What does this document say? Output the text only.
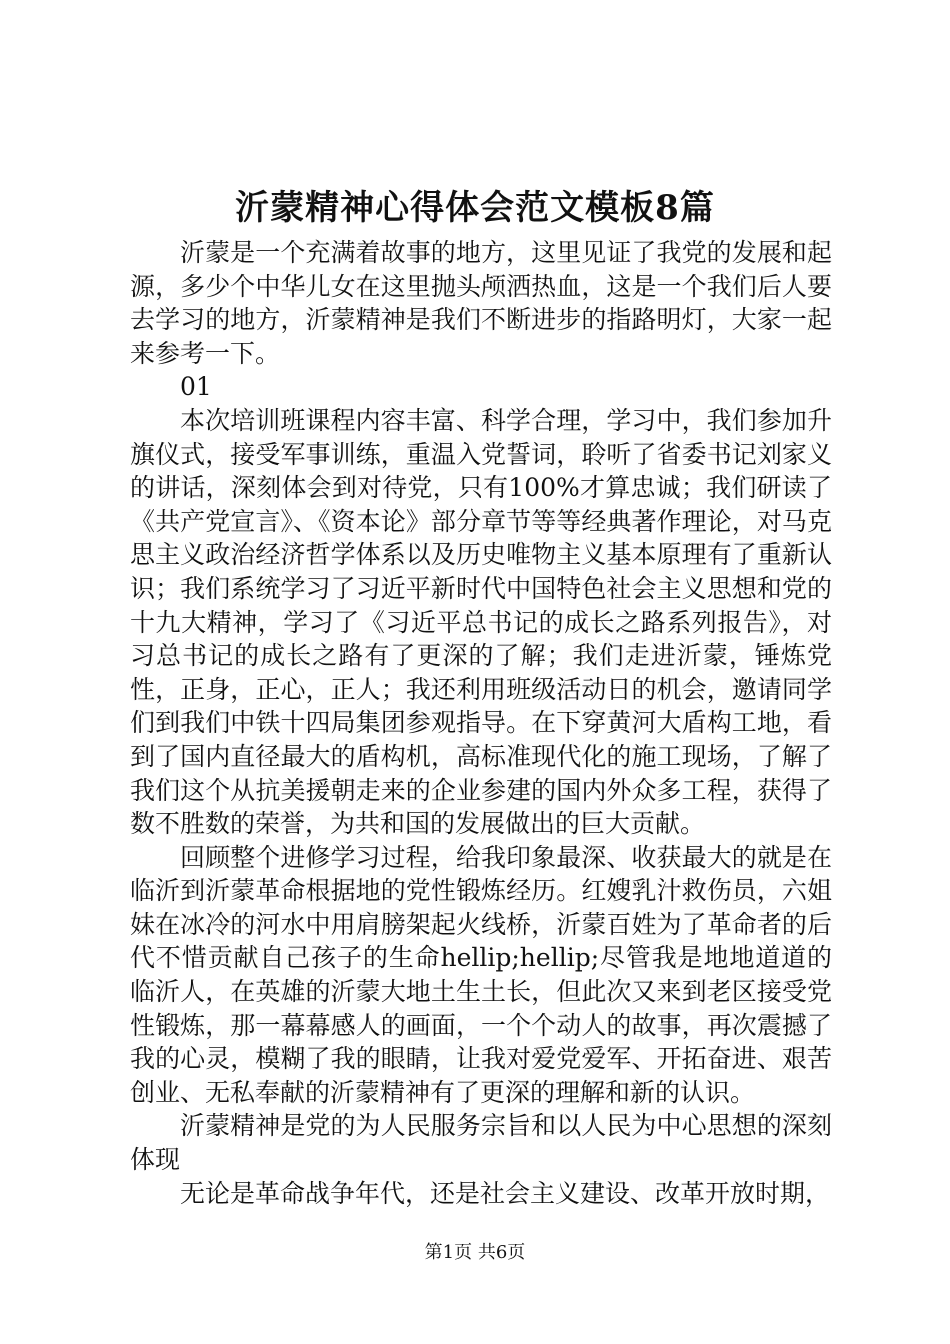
沂蒙精神心得体会范文模板8篇

沂蒙是一个充满着故事的地方，这里见证了我党的发展和起源，多少个中华儿女在这里抛头颅洒热血，这是一个我们后人要去学习的地方，沂蒙精神是我们不断进步的指路明灯，大家一起来参考一下。

01

本次培训班课程内容丰富、科学合理，学习中，我们参加升旗仪式，接受军事训练，重温入党誓词，聆听了省委书记刘家义的讲话，深刻体会到对待党，只有100%才算忠诚；我们研读了《共产党宣言》、《资本论》部分章节等等经典著作理论，对马克思主义政治经济哲学体系以及历史唯物主义基本原理有了重新认识；我们系统学习了习近平新时代中国特色社会主义思想和党的十九大精神，学习了《习近平总书记的成长之路系列报告》，对习总书记的成长之路有了更深的了解；我们走进沂蒙，锤炼党性，正身，正心，正人；我还利用班级活动日的机会，邀请同学们到我们中铁十四局集团参观指导。在下穿黄河大盾构工地，看到了国内直径最大的盾构机，高标准现代化的施工现场，了解了我们这个从抗美援朝走来的企业参建的国内外众多工程，获得了数不胜数的荣誉，为共和国的发展做出的巨大贡献。

回顾整个进修学习过程，给我印象最深、收获最大的就是在临沂到沂蒙革命根据地的党性锻炼经历。红嫂乳汁救伤员，六姐妹在冰冷的河水中用肩膀架起火线桥，沂蒙百姓为了革命者的后代不惜贡献自己孩子的生命hellip;hellip;尽管我是地地道道的临沂人，在英雄的沂蒙大地土生土长，但此次又来到老区接受党性锻炼，那一幕幕感人的画面，一个个动人的故事，再次震撼了我的心灵，模糊了我的眼睛，让我对爱党爱军、开拓奋进、艰苦创业、无私奉献的沂蒙精神有了更深的理解和新的认识。

沂蒙精神是党的为人民服务宗旨和以人民为中心思想的深刻体现

无论是革命战争年代，还是社会主义建设、改革开放时期，

第1页 共6页
